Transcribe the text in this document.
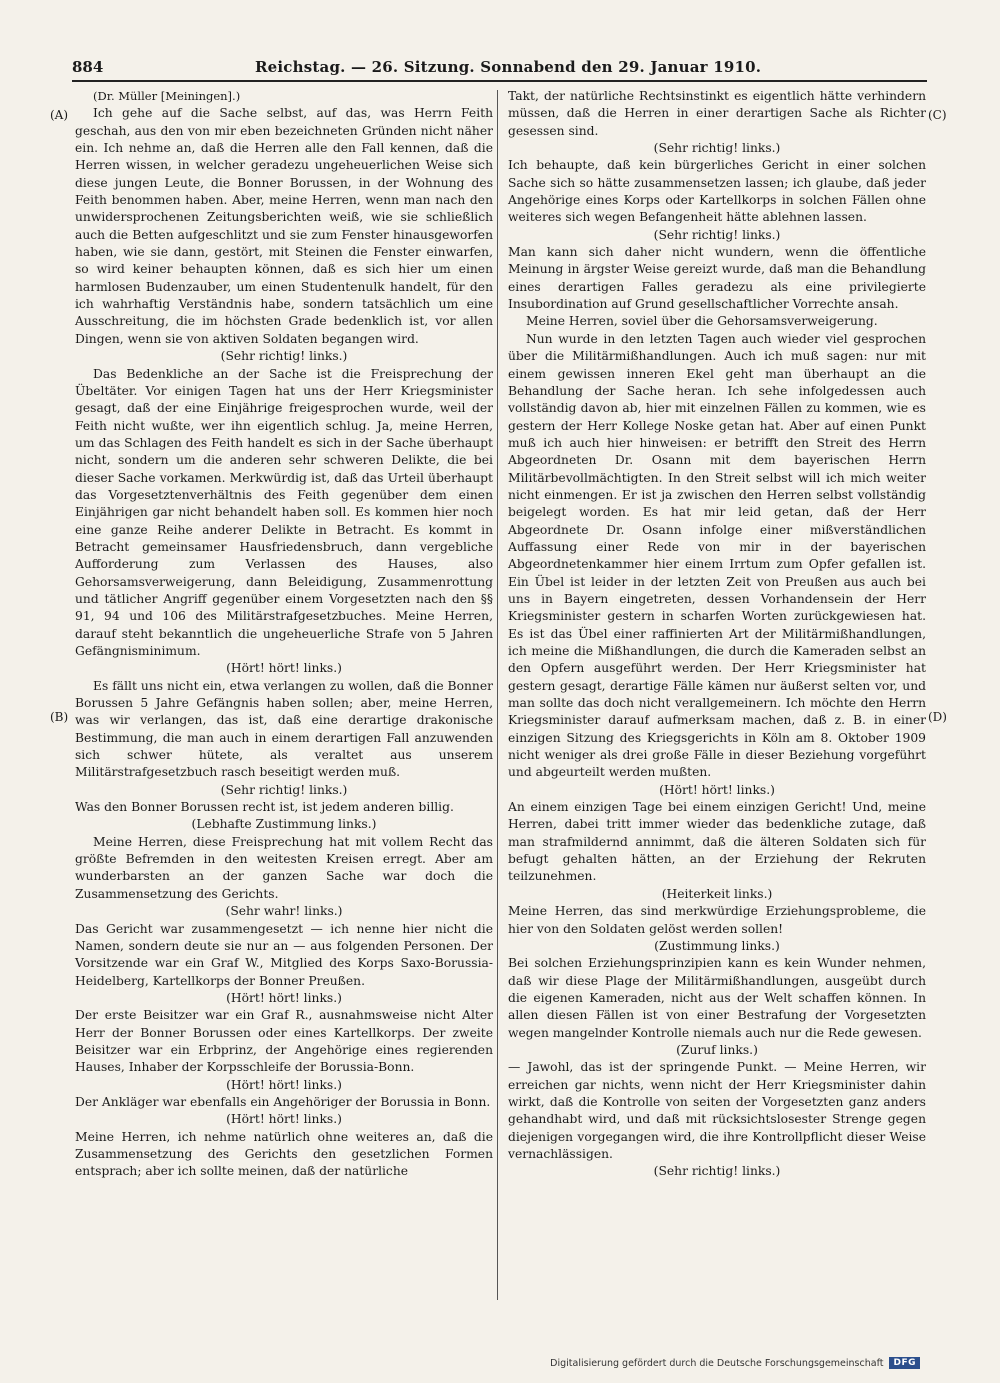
884	Reichstag. — 26. Sitzung. Sonnabend den 29. Januar 1910.
(A)
(B)
(C)
(D)

(Dr. Müller [Meiningen].)

Ich gehe auf die Sache selbst, auf das, was Herrn Feith geschah, aus den von mir eben bezeichneten Gründen nicht näher ein. Ich nehme an, daß die Herren alle den Fall kennen, daß die Herren wissen, in welcher geradezu ungeheuerlichen Weise sich diese jungen Leute, die Bonner Borussen, in der Wohnung des Feith benommen haben. Aber, meine Herren, wenn man nach den unwidersprochenen Zeitungsberichten weiß, wie sie schließlich auch die Betten aufgeschlitzt und sie zum Fenster hinausgeworfen haben, wie sie dann, gestört, mit Steinen die Fenster einwarfen, so wird keiner behaupten können, daß es sich hier um einen harmlosen Budenzauber, um einen Studentenulk handelt, für den ich wahrhaftig Verständnis habe, sondern tatsächlich um eine Ausschreitung, die im höchsten Grade bedenklich ist, vor allen Dingen, wenn sie von aktiven Soldaten begangen wird.

(Sehr richtig! links.)

Das Bedenkliche an der Sache ist die Freisprechung der Übeltäter. Vor einigen Tagen hat uns der Herr Kriegsminister gesagt, daß der eine Einjährige freigesprochen wurde, weil der Feith nicht wußte, wer ihn eigentlich schlug. Ja, meine Herren, um das Schlagen des Feith handelt es sich in der Sache überhaupt nicht, sondern um die anderen sehr schweren Delikte, die bei dieser Sache vorkamen. Merkwürdig ist, daß das Urteil überhaupt das Vorgesetztenverhältnis des Feith gegenüber dem einen Einjährigen gar nicht behandelt haben soll. Es kommen hier noch eine ganze Reihe anderer Delikte in Betracht. Es kommt in Betracht gemeinsamer Hausfriedensbruch, dann vergebliche Aufforderung zum Verlassen des Hauses, also Gehorsamsverweigerung, dann Beleidigung, Zusammenrottung und tätlicher Angriff gegenüber einem Vorgesetzten nach den §§ 91, 94 und 106 des Militärstrafgesetzbuches. Meine Herren, darauf steht bekanntlich die ungeheuerliche Strafe von 5 Jahren Gefängnisminimum.

(Hört! hört! links.)

Es fällt uns nicht ein, etwa verlangen zu wollen, daß die Bonner Borussen 5 Jahre Gefängnis haben sollen; aber, meine Herren, was wir verlangen, das ist, daß eine derartige drakonische Bestimmung, die man auch in einem derartigen Fall anzuwenden sich schwer hütete, als veraltet aus unserem Militärstrafgesetzbuch rasch beseitigt werden muß.

(Sehr richtig! links.)

Was den Bonner Borussen recht ist, ist jedem anderen billig.

(Lebhafte Zustimmung links.)

Meine Herren, diese Freisprechung hat mit vollem Recht das größte Befremden in den weitesten Kreisen erregt. Aber am wunderbarsten an der ganzen Sache war doch die Zusammensetzung des Gerichts.

(Sehr wahr! links.)

Das Gericht war zusammengesetzt — ich nenne hier nicht die Namen, sondern deute sie nur an — aus folgenden Personen. Der Vorsitzende war ein Graf W., Mitglied des Korps Saxo-Borussia-Heidelberg, Kartellkorps der Bonner Preußen.

(Hört! hört! links.)

Der erste Beisitzer war ein Graf R., ausnahmsweise nicht Alter Herr der Bonner Borussen oder eines Kartellkorps. Der zweite Beisitzer war ein Erbprinz, der Angehörige eines regierenden Hauses, Inhaber der Korpsschleife der Borussia-Bonn.

(Hört! hört! links.)

Der Ankläger war ebenfalls ein Angehöriger der Borussia in Bonn.

(Hört! hört! links.)

Meine Herren, ich nehme natürlich ohne weiteres an, daß die Zusammensetzung des Gerichts den gesetzlichen Formen entsprach; aber ich sollte meinen, daß der natürliche

Takt, der natürliche Rechtsinstinkt es eigentlich hätte verhindern müssen, daß die Herren in einer derartigen Sache als Richter gesessen sind.

(Sehr richtig! links.)

Ich behaupte, daß kein bürgerliches Gericht in einer solchen Sache sich so hätte zusammensetzen lassen; ich glaube, daß jeder Angehörige eines Korps oder Kartellkorps in solchen Fällen ohne weiteres sich wegen Befangenheit hätte ablehnen lassen.

(Sehr richtig! links.)

Man kann sich daher nicht wundern, wenn die öffentliche Meinung in ärgster Weise gereizt wurde, daß man die Behandlung eines derartigen Falles geradezu als eine privilegierte Insubordination auf Grund gesellschaftlicher Vorrechte ansah.

Meine Herren, soviel über die Gehorsamsverweigerung.

Nun wurde in den letzten Tagen auch wieder viel gesprochen über die Militärmißhandlungen. Auch ich muß sagen: nur mit einem gewissen inneren Ekel geht man überhaupt an die Behandlung der Sache heran. Ich sehe infolgedessen auch vollständig davon ab, hier mit einzelnen Fällen zu kommen, wie es gestern der Herr Kollege Noske getan hat. Aber auf einen Punkt muß ich auch hier hinweisen: er betrifft den Streit des Herrn Abgeordneten Dr. Osann mit dem bayerischen Herrn Militärbevollmächtigten. In den Streit selbst will ich mich weiter nicht einmengen. Er ist ja zwischen den Herren selbst vollständig beigelegt worden. Es hat mir leid getan, daß der Herr Abgeordnete Dr. Osann infolge einer mißverständlichen Auffassung einer Rede von mir in der bayerischen Abgeordnetenkammer hier einem Irrtum zum Opfer gefallen ist. Ein Übel ist leider in der letzten Zeit von Preußen aus auch bei uns in Bayern eingetreten, dessen Vorhandensein der Herr Kriegsminister gestern in scharfen Worten zurückgewiesen hat. Es ist das Übel einer raffinierten Art der Militärmißhandlungen, ich meine die Mißhandlungen, die durch die Kameraden selbst an den Opfern ausgeführt werden. Der Herr Kriegsminister hat gestern gesagt, derartige Fälle kämen nur äußerst selten vor, und man sollte das doch nicht verallgemeinern. Ich möchte den Herrn Kriegsminister darauf aufmerksam machen, daß z. B. in einer einzigen Sitzung des Kriegsgerichts in Köln am 8. Oktober 1909 nicht weniger als drei große Fälle in dieser Beziehung vorgeführt und abgeurteilt werden mußten.

(Hört! hört! links.)

An einem einzigen Tage bei einem einzigen Gericht! Und, meine Herren, dabei tritt immer wieder das bedenkliche zutage, daß man strafmildernd annimmt, daß die älteren Soldaten sich für befugt gehalten hätten, an der Erziehung der Rekruten teilzunehmen.

(Heiterkeit links.)

Meine Herren, das sind merkwürdige Erziehungsprobleme, die hier von den Soldaten gelöst werden sollen!

(Zustimmung links.)

Bei solchen Erziehungsprinzipien kann es kein Wunder nehmen, daß wir diese Plage der Militärmißhandlungen, ausgeübt durch die eigenen Kameraden, nicht aus der Welt schaffen können. In allen diesen Fällen ist von einer Bestrafung der Vorgesetzten wegen mangelnder Kontrolle niemals auch nur die Rede gewesen.

(Zuruf links.)

— Jawohl, das ist der springende Punkt. — Meine Herren, wir erreichen gar nichts, wenn nicht der Herr Kriegsminister dahin wirkt, daß die Kontrolle von seiten der Vorgesetzten ganz anders gehandhabt wird, und daß mit rücksichtslosester Strenge gegen diejenigen vorgegangen wird, die ihre Kontrollpflicht dieser Weise vernachlässigen.

(Sehr richtig! links.)

Digitalisierung gefördert durch die Deutsche Forschungsgemeinschaft	DFG
